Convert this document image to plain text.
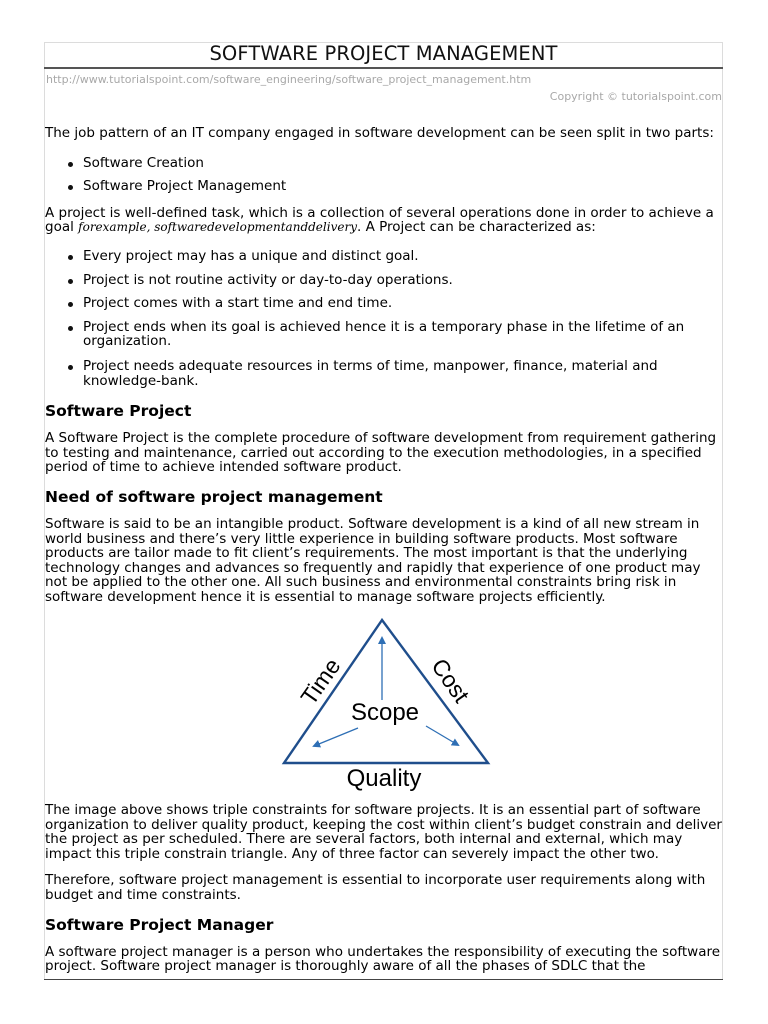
SOFTWARE PROJECT MANAGEMENT
http://www.tutorialspoint.com/software_engineering/software_project_management.htm
Copyright © tutorialspoint.com

The job pattern of an IT company engaged in software development can be seen split in two parts:

Software Creation
Software Project Management

A project is well-defined task, which is a collection of several operations done in order to achieve a goal forexample, softwaredevelopmentanddelivery. A Project can be characterized as:

Every project may has a unique and distinct goal.
Project is not routine activity or day-to-day operations.
Project comes with a start time and end time.
Project ends when its goal is achieved hence it is a temporary phase in the lifetime of an organization.
Project needs adequate resources in terms of time, manpower, finance, material and knowledge-bank.
Software Project

A Software Project is the complete procedure of software development from requirement gathering to testing and maintenance, carried out according to the execution methodologies, in a specified period of time to achieve intended software product.

Need of software project management

Software is said to be an intangible product. Software development is a kind of all new stream in world business and there’s very little experience in building software products. Most software products are tailor made to fit client’s requirements. The most important is that the underlying technology changes and advances so frequently and rapidly that experience of one product may not be applied to the other one. All such business and environmental constraints bring risk in software development hence it is essential to manage software projects efficiently.

Time	Cost
Scope
Quality

The image above shows triple constraints for software projects. It is an essential part of software organization to deliver quality product, keeping the cost within client’s budget constrain and deliver the project as per scheduled. There are several factors, both internal and external, which may impact this triple constrain triangle. Any of three factor can severely impact the other two.

Therefore, software project management is essential to incorporate user requirements along with budget and time constraints.

Software Project Manager

A software project manager is a person who undertakes the responsibility of executing the software project. Software project manager is thoroughly aware of all the phases of SDLC that the
